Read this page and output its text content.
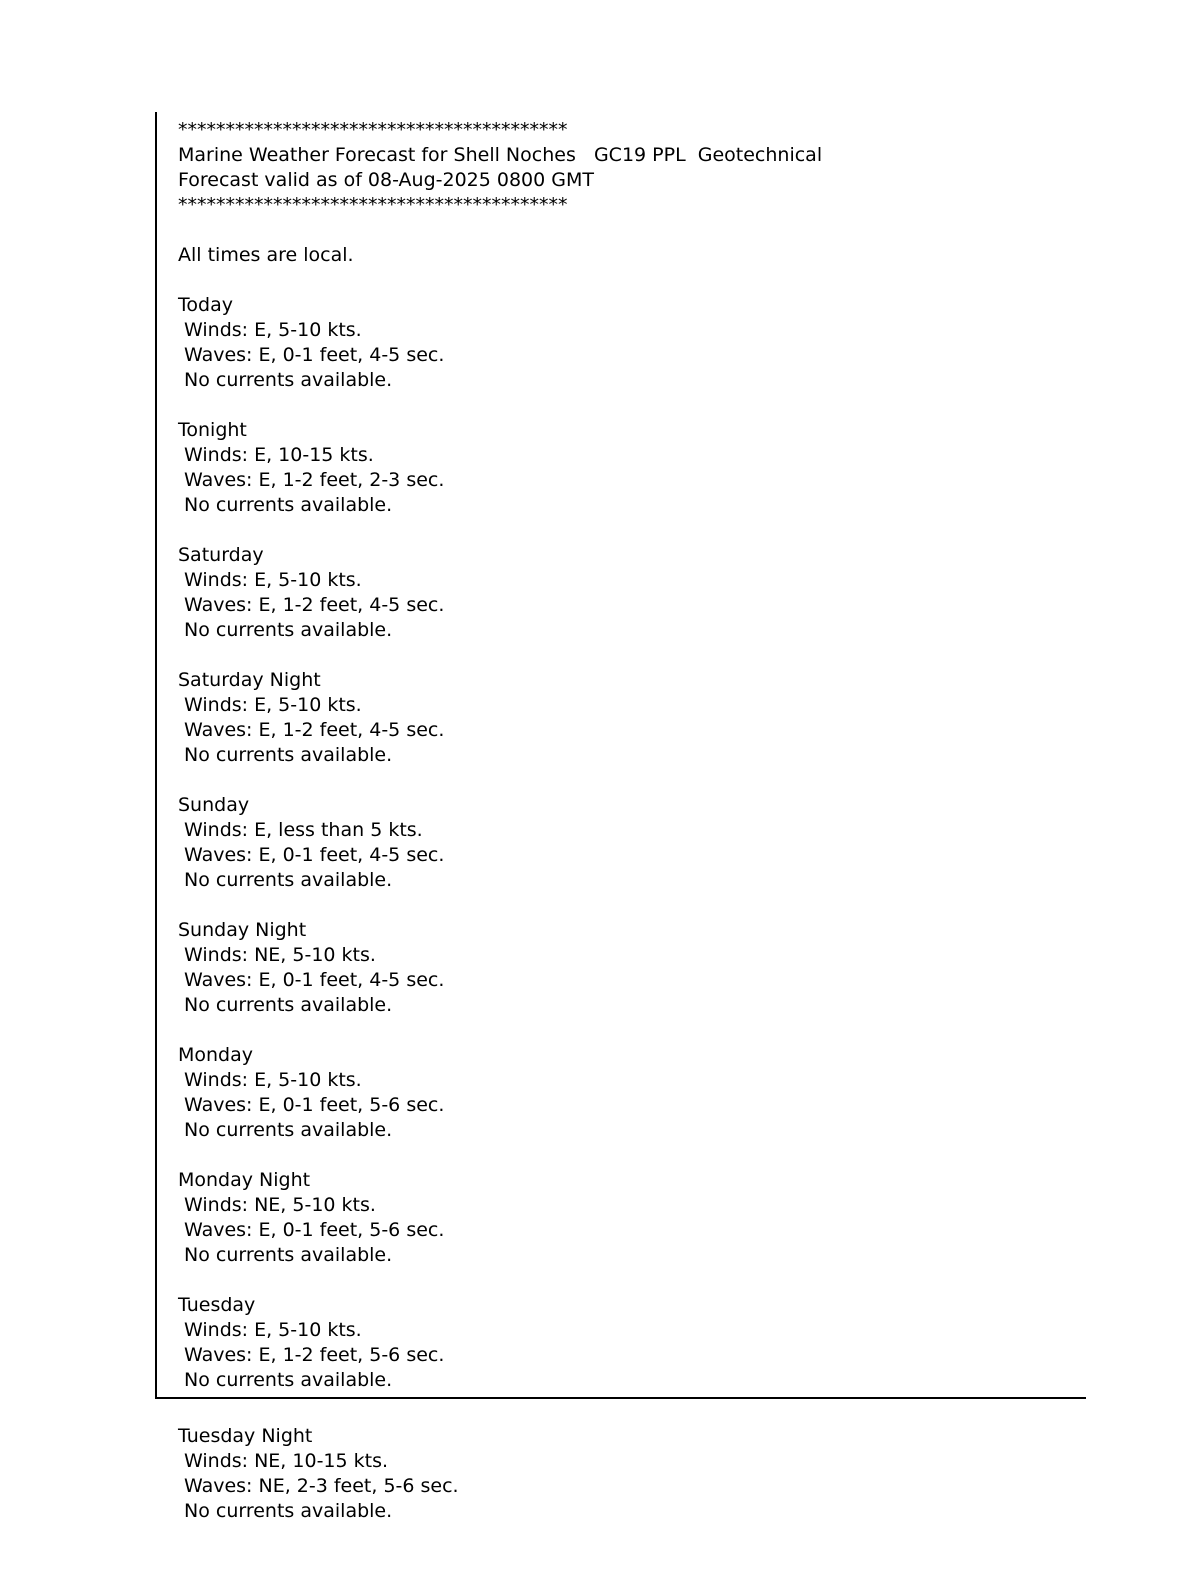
*****************************************
Marine Weather Forecast for Shell Noches   GC19 PPL  Geotechnical
Forecast valid as of 08-Aug-2025 0800 GMT
*****************************************
All times are local.
Today
Winds: E, 5-10 kts.
Waves: E, 0-1 feet, 4-5 sec.
No currents available.
Tonight
Winds: E, 10-15 kts.
Waves: E, 1-2 feet, 2-3 sec.
No currents available.
Saturday
Winds: E, 5-10 kts.
Waves: E, 1-2 feet, 4-5 sec.
No currents available.
Saturday Night
Winds: E, 5-10 kts.
Waves: E, 1-2 feet, 4-5 sec.
No currents available.
Sunday
Winds: E, less than 5 kts.
Waves: E, 0-1 feet, 4-5 sec.
No currents available.
Sunday Night
Winds: NE, 5-10 kts.
Waves: E, 0-1 feet, 4-5 sec.
No currents available.
Monday
Winds: E, 5-10 kts.
Waves: E, 0-1 feet, 5-6 sec.
No currents available.
Monday Night
Winds: NE, 5-10 kts.
Waves: E, 0-1 feet, 5-6 sec.
No currents available.
Tuesday
Winds: E, 5-10 kts.
Waves: E, 1-2 feet, 5-6 sec.
No currents available.
Tuesday Night
Winds: NE, 10-15 kts.
Waves: NE, 2-3 feet, 5-6 sec.
No currents available.
